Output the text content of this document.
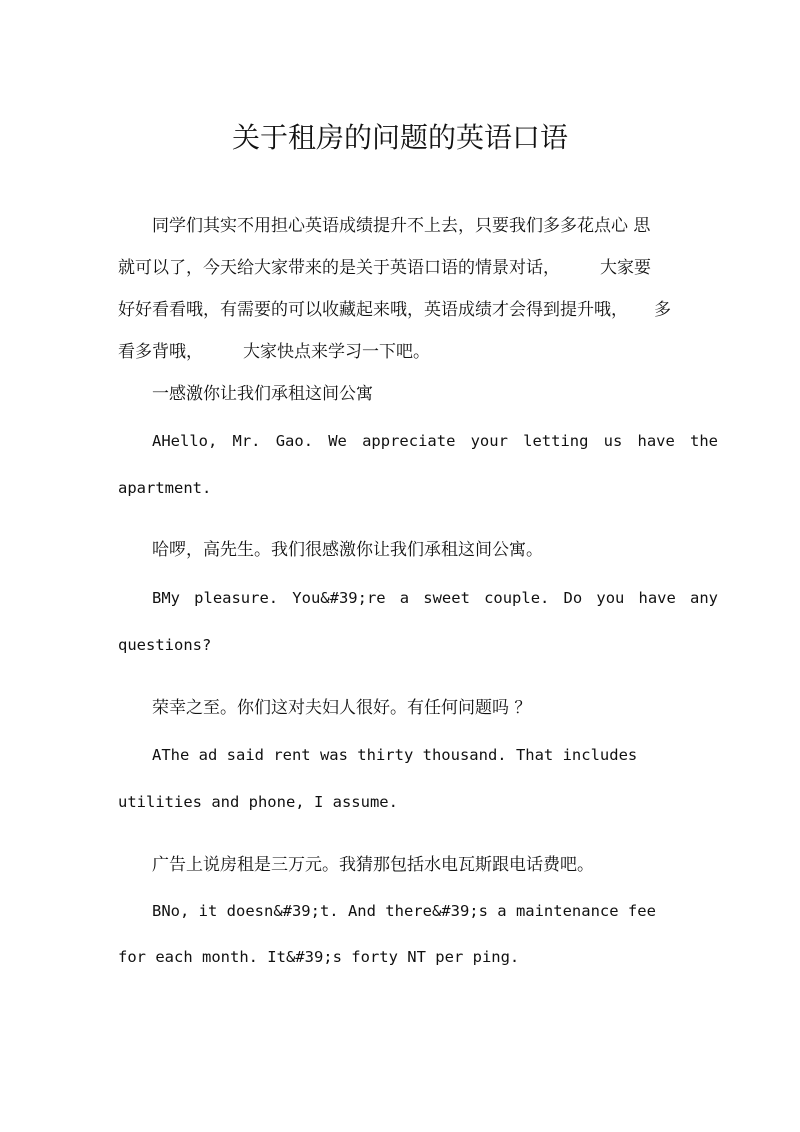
关于租房的问题的英语口语
同学们其实不用担心英语成绩提升不上去，只要我们多多花点心 思
就可以了，今天给大家带来的是关于英语口语的情景对话， 大家要
好好看看哦，有需要的可以收藏起来哦，英语成绩才会得到提升哦， 多
看多背哦， 大家快点来学习一下吧。
一感激你让我们承租这间公寓
AHello, Mr. Gao. We appreciate your letting us have the
apartment.
哈啰，高先生。我们很感激你让我们承租这间公寓。
BMy pleasure. You&#39;re a sweet couple. Do you have any
questions?
荣幸之至。你们这对夫妇人很好。有任何问题吗 ？
AThe ad said rent was thirty thousand. That includes
utilities and phone, I assume.
广告上说房租是三万元。我猜那包括水电瓦斯跟电话费吧。
BNo, it doesn&#39;t. And there&#39;s a maintenance fee
for each month. It&#39;s forty NT per ping.
